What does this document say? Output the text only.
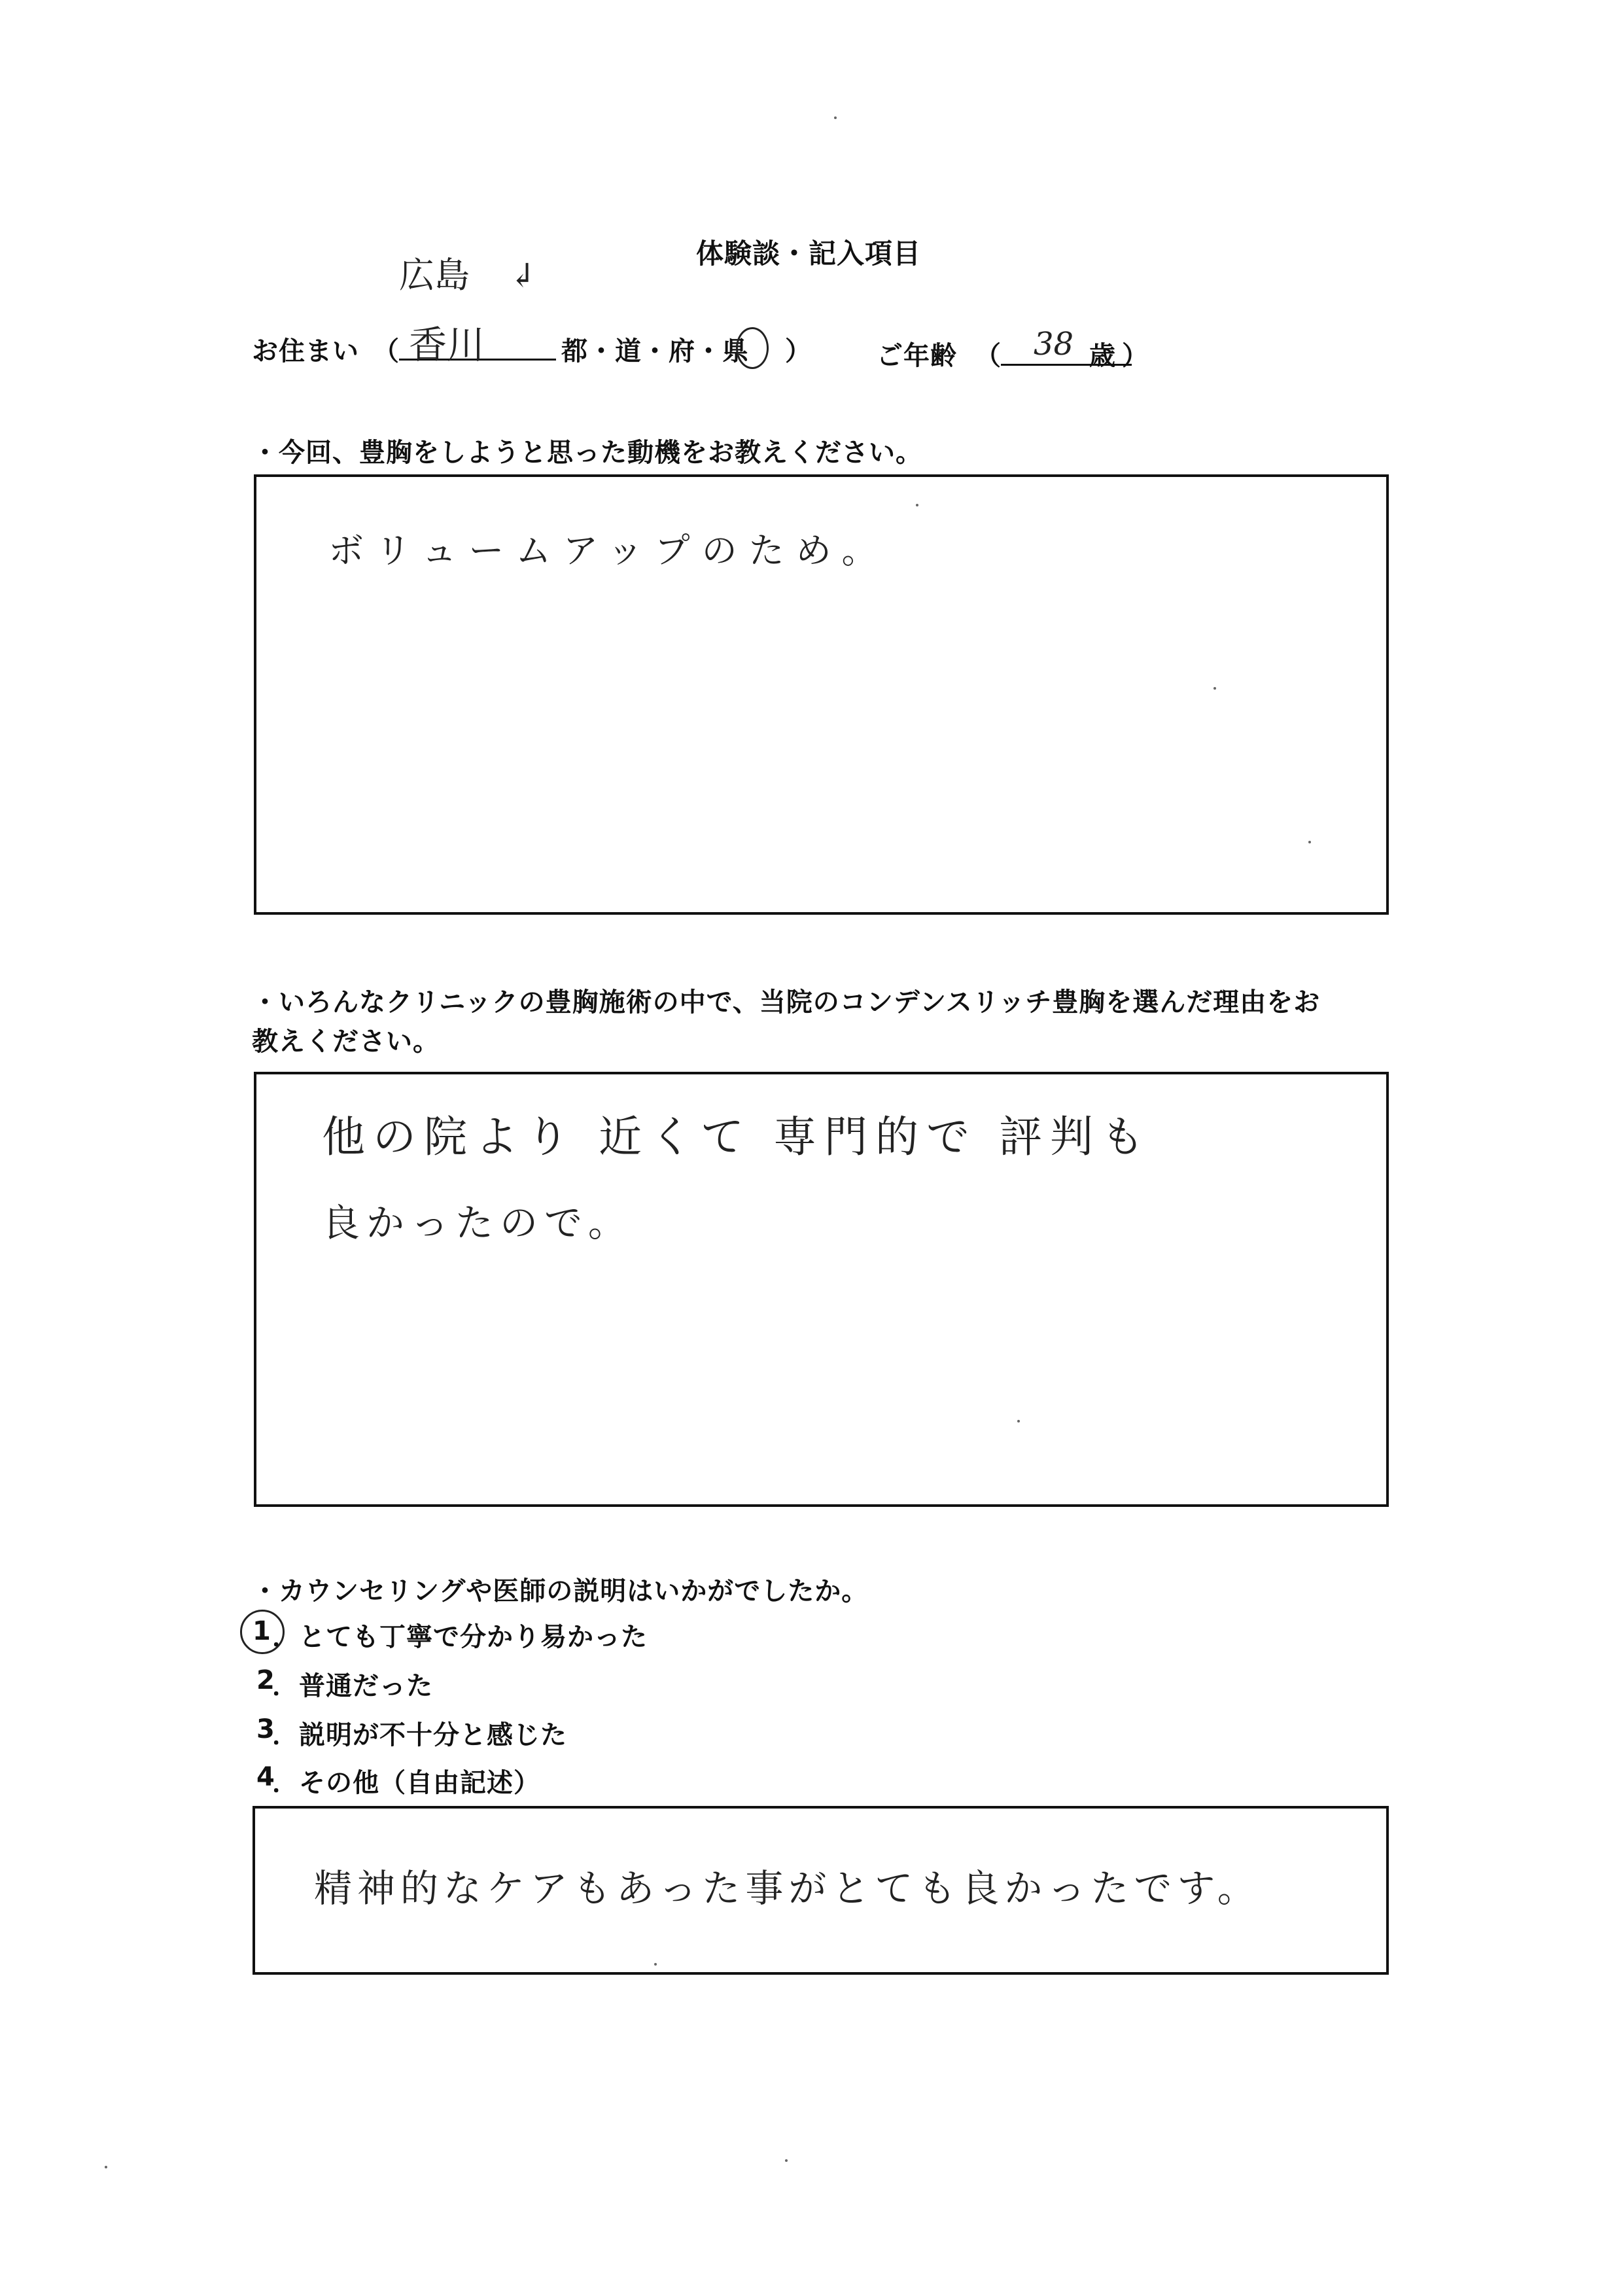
体験談・記入項目
お住まい （ 香川
広島 ↲
都・道・府・県 ） ご年齢 （ 38 歳 ）
・今回、豊胸をしようと思った動機をお教えください。
ボリュームアップのため。
・いろんなクリニックの豊胸施術の中で、当院のコンデンスリッチ豊胸を選んだ理由をお
教えください。
他の院より 近くて 専門的で 評判も
良かったので。
・カウンセリングや医師の説明はいかがでしたか。
1 ．とても丁寧で分かり易かった
2
．普通だった
3
．説明が不十分と感じた
4
．その他（自由記述）
精神的なケアもあった事がとても良かったです。
